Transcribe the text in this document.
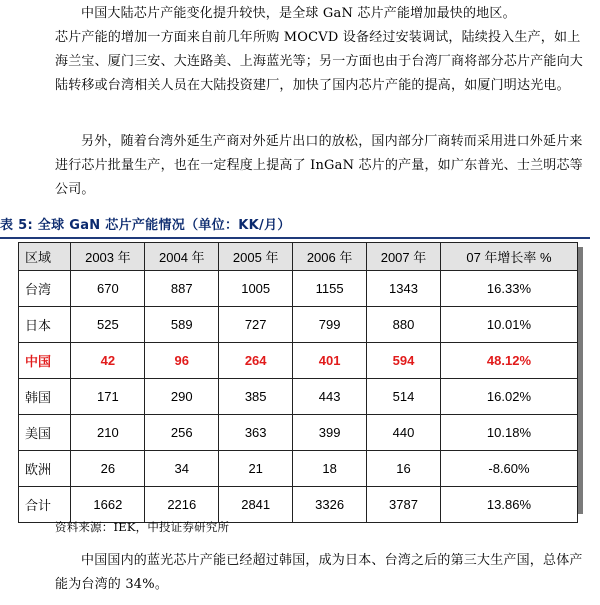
中国大陆芯片产能变化提升较快，是全球 GaN 芯片产能增加最快的地区。

芯片产能的增加一方面来自前几年所购 MOCVD 设备经过安装调试，陆续投入生产，如上海兰宝、厦门三安、大连路美、上海蓝光等；另一方面也由于台湾厂商将部分芯片产能向大陆转移或台湾相关人员在大陆投资建厂，加快了国内芯片产能的提高，如厦门明达光电。

另外，随着台湾外延生产商对外延片出口的放松，国内部分厂商转而采用进口外延片来进行芯片批量生产，也在一定程度上提高了 InGaN 芯片的产量，如广东普光、士兰明芯等公司。

表 5: 全球 GaN 芯片产能情况（单位：KK/月）
区域	2003 年	2004 年	2005 年	2006 年	2007 年	07 年增长率 %
台湾	670	887	1005	1155	1343	16.33%
日本	525	589	727	799	880	10.01%
中国	42	96	264	401	594	48.12%
韩国	171	290	385	443	514	16.02%
美国	210	256	363	399	440	10.18%
欧洲	26	34	21	18	16	-8.60%
合计	1662	2216	2841	3326	3787	13.86%
资料来源：IEK，中投证券研究所

中国国内的蓝光芯片产能已经超过韩国，成为日本、台湾之后的第三大生产国，总体产能为台湾的 34%。
